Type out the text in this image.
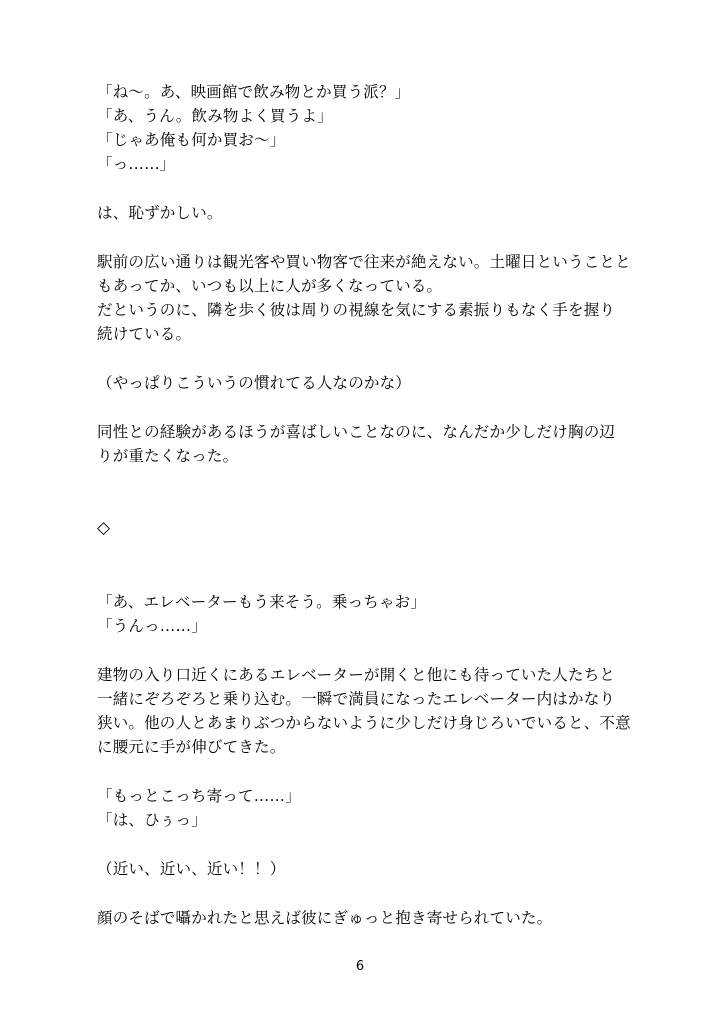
「ね〜。あ、映画館で飲み物とか買う派？」
「あ、うん。飲み物よく買うよ」
「じゃあ俺も何か買お〜」
「っ……」
は、恥ずかしい。
駅前の広い通りは観光客や買い物客で往来が絶えない。土曜日ということと
もあってか、いつも以上に人が多くなっている。
だというのに、隣を歩く彼は周りの視線を気にする素振りもなく手を握り
続けている。
（やっぱりこういうの慣れてる人なのかな）
同性との経験があるほうが喜ばしいことなのに、なんだか少しだけ胸の辺
りが重たくなった。
◇
「あ、エレベーターもう来そう。乗っちゃお」
「うんっ……」
建物の入り口近くにあるエレベーターが開くと他にも待っていた人たちと
一緒にぞろぞろと乗り込む。一瞬で満員になったエレベーター内はかなり
狭い。他の人とあまりぶつからないように少しだけ身じろいでいると、不意
に腰元に手が伸びてきた。
「もっとこっち寄って……」
「は、ひぅっ」
（近い、近い、近い！！）
顔のそばで囁かれたと思えば彼にぎゅっと抱き寄せられていた。
6
